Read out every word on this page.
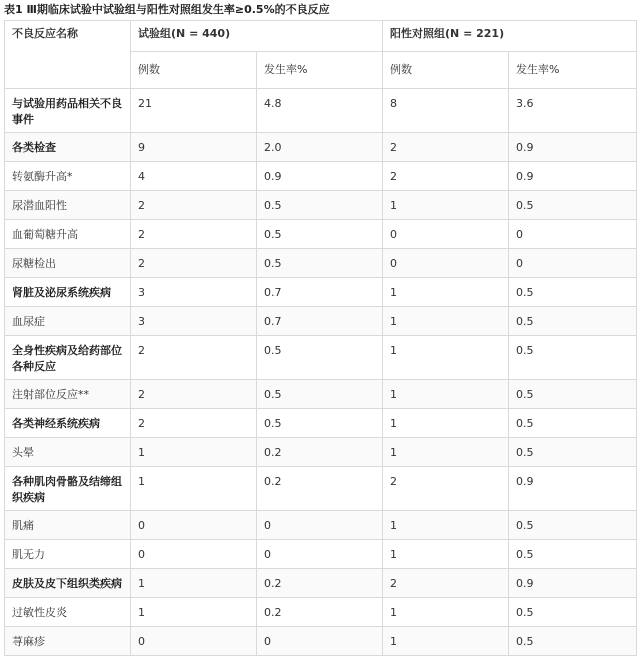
表1 Ⅲ期临床试验中试验组与阳性对照组发生率≥0.5%的不良反应
不良反应名称	试验组(N = 440)		阳性对照组(N = 221)	
	例数	发生率%	例数	发生率%
与试验用药品相关不良事件	21	4.8	8	3.6
各类检查	9	2.0	2	0.9
转氨酶升高*	4	0.9	2	0.9
尿潜血阳性	2	0.5	1	0.5
血葡萄糖升高	2	0.5	0	0
尿糖检出	2	0.5	0	0
肾脏及泌尿系统疾病	3	0.7	1	0.5
血尿症	3	0.7	1	0.5
全身性疾病及给药部位各种反应	2	0.5	1	0.5
注射部位反应**	2	0.5	1	0.5
各类神经系统疾病	2	0.5	1	0.5
头晕	1	0.2	1	0.5
各种肌肉骨骼及结缔组织疾病	1	0.2	2	0.9
肌痛	0	0	1	0.5
肌无力	0	0	1	0.5
皮肤及皮下组织类疾病	1	0.2	2	0.9
过敏性皮炎	1	0.2	1	0.5
荨麻疹	0	0	1	0.5
